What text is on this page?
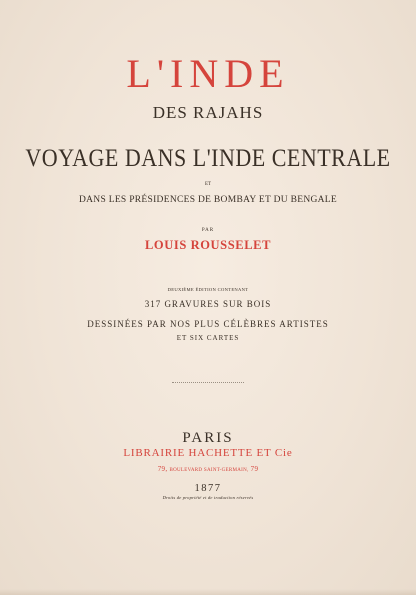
L'INDE
DES RAJAHS
VOYAGE DANS L'INDE CENTRALE
ET
DANS LES PRÉSIDENCES DE BOMBAY ET DU BENGALE
PAR
LOUIS ROUSSELET
DEUXIÈME ÉDITION CONTENANT
317 GRAVURES SUR BOIS
DESSINÉES PAR NOS PLUS CÉLÈBRES ARTISTES
ET SIX CARTES
PARIS
LIBRAIRIE HACHETTE ET Cie
79, BOULEVARD SAINT-GERMAIN, 79
1877
Droits de propriété et de traduction réservés
